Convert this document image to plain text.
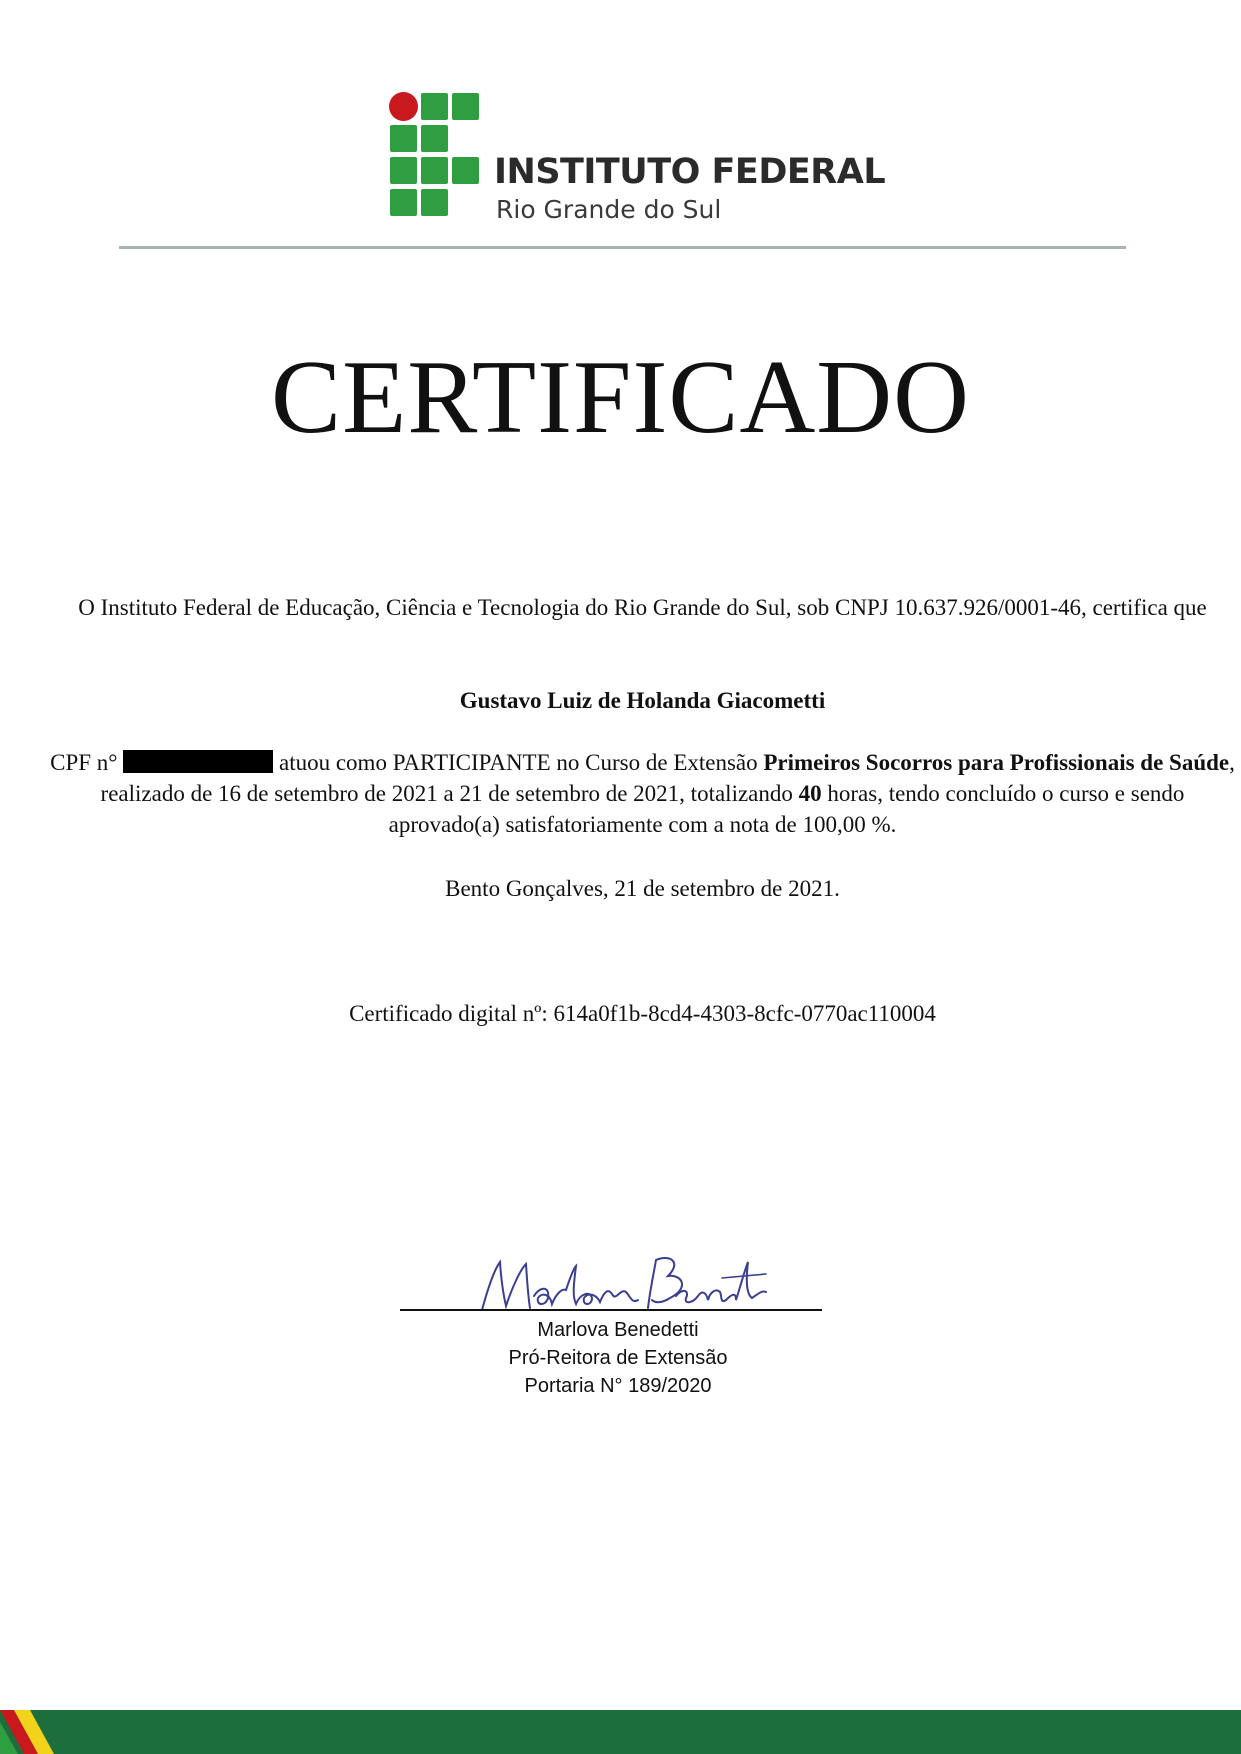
INSTITUTO FEDERAL
Rio Grande do Sul
CERTIFICADO
O Instituto Federal de Educação, Ciência e Tecnologia do Rio Grande do Sul, sob CNPJ 10.637.926/0001-46, certifica que
Gustavo Luiz de Holanda Giacometti
CPF n°	atuou como PARTICIPANTE no Curso de Extensão Primeiros Socorros para Profissionais de Saúde, realizado de 16 de setembro de 2021 a 21 de setembro de 2021, totalizando 40 horas, tendo concluído o curso e sendo aprovado(a) satisfatoriamente com a nota de 100,00 %.
Bento Gonçalves, 21 de setembro de 2021.
Certificado digital nº: 614a0f1b-8cd4-4303-8cfc-0770ac110004
Marlova Benedetti
Pró-Reitora de Extensão
Portaria N° 189/2020
